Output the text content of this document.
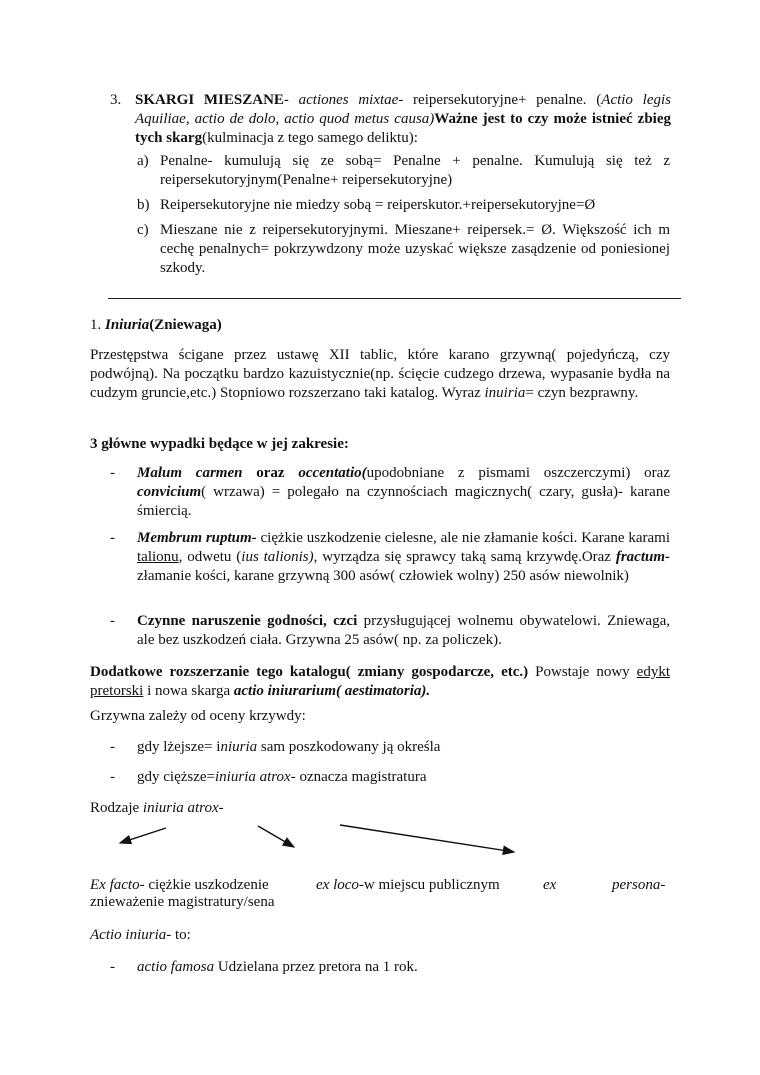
3. SKARGI MIESZANE- actiones mixtae- reipersekutoryjne+ penalne. (Actio legis Aquiliae, actio de dolo, actio quod metus causa)Ważne jest to czy może istnieć zbieg tych skarg(kulminacja z tego samego deliktu):
a) Penalne- kumulują się ze sobą= Penalne + penalne. Kumulują się też z reipersekutoryjnym(Penalne+ reipersekutoryjne)
b) Reipersekutoryjne nie miedzy sobą = reiperskutor.+reipersekutoryjne=Ø
c) Mieszane nie z reipersekutoryjnymi. Mieszane+ reipersek.= Ø. Większość ich m cechę penalnych= pokrzywdzony może uzyskać większe zasądzenie od poniesionej szkody.
1. Iniuria(Zniewaga)
Przestępstwa ścigane przez ustawę XII tablic, które karano grzywną( pojedyńczą, czy podwójną). Na początku bardzo kazuistycznie(np. ścięcie cudzego drzewa, wypasanie bydła na cudzym gruncie,etc.) Stopniowo rozszerzano taki katalog. Wyraz inuiria= czyn bezprawny.
3 główne wypadki będące w jej zakresie:
- Malum carmen oraz occentatio(upodobniane z pismami oszczerczymi) oraz convicium( wrzawa) = polegało na czynnościach magicznych( czary, gusła)- karane śmiercią.
- Membrum ruptum- ciężkie uszkodzenie cielesne, ale nie złamanie kości. Karane karami talionu, odwetu (ius talionis), wyrządza się sprawcy taką samą krzywdę.Oraz fractum- złamanie kości, karane grzywną 300 asów( człowiek wolny) 250 asów niewolnik)
- Czynne naruszenie godności, czci przysługującej wolnemu obywatelowi. Zniewaga, ale bez uszkodzeń ciała. Grzywna 25 asów( np. za policzek).
Dodatkowe rozszerzanie tego katalogu( zmiany gospodarcze, etc.) Powstaje nowy edykt pretorski i nowa skarga actio iniurarium( aestimatoria).
Grzywna zależy od oceny krzywdy:
- gdy lżejsze= iniuria sam poszkodowany ją określa
- gdy cięższe=iniuria atrox- oznacza magistratura
Rodzaje iniuria atrox-
Ex facto- ciężkie uszkodzenie	ex loco-w miejscu publicznym	ex	persona-
znieważenie magistratury/sena
Actio iniuria- to:
- actio famosa Udzielana przez pretora na 1 rok.
